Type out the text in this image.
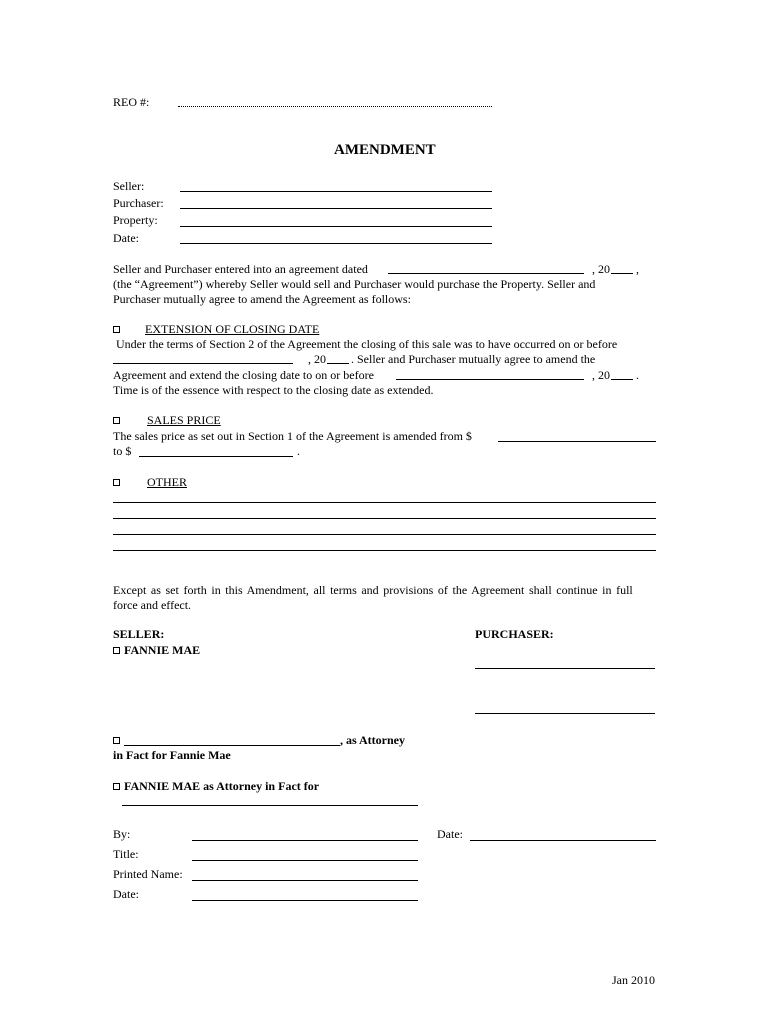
REO #:
AMENDMENT
Seller:
Purchaser:
Property:
Date:
Seller and Purchaser entered into an agreement dated	, 20 ,
(the “Agreement”) whereby Seller would sell and Purchaser would purchase the Property. Seller and
Purchaser mutually agree to amend the Agreement as follows:
EXTENSION OF CLOSING DATE
Under the terms of Section 2 of the Agreement the closing of this sale was to have occurred on or before
, 20 . Seller and Purchaser mutually agree to amend the
Agreement and extend the closing date to on or before	, 20 .
Time is of the essence with respect to the closing date as extended.
SALES PRICE
The sales price as set out in Section 1 of the Agreement is amended from $
to $	.
OTHER
Except as set forth in this Amendment, all terms and provisions of the Agreement shall continue in full
force and effect.
SELLER:	PURCHASER:
FANNIE MAE
, as Attorney
in Fact for Fannie Mae
FANNIE MAE as Attorney in Fact for
By:	Date:
Title:
Printed Name:
Date:
Jan 2010
